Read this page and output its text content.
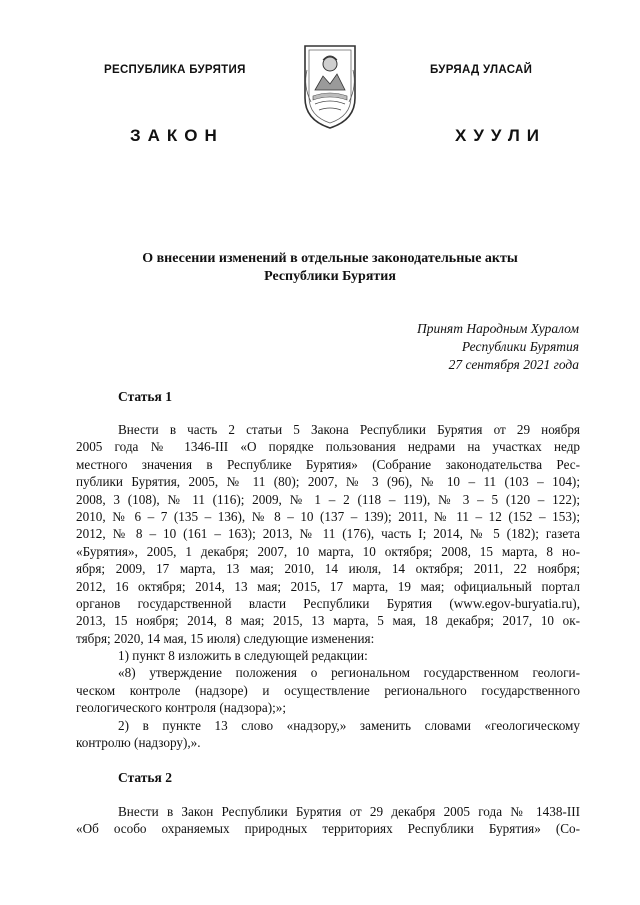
РЕСПУБЛИКА БУРЯТИЯ	БУРЯАД УЛАСАЙ
ЗАКОН	ХУУЛИ
О внесении изменений в отдельные законодательные акты
Республики Бурятия
Принят Народным Хуралом
Республики Бурятия
27 сентября 2021 года
Статья 1
Внести в часть 2 статьи 5 Закона Республики Бурятия от 29 ноября
2005 года № 1346-III «О порядке пользования недрами на участках недр
местного значения в Республике Бурятия» (Собрание законодательства Рес-
публики Бурятия, 2005, № 11 (80); 2007, № 3 (96), № 10 – 11 (103 – 104);
2008, 3 (108), № 11 (116); 2009, № 1 – 2 (118 – 119), № 3 – 5 (120 – 122);
2010, № 6 – 7 (135 – 136), № 8 – 10 (137 – 139); 2011, № 11 – 12 (152 – 153);
2012, № 8 – 10 (161 – 163); 2013, № 11 (176), часть I; 2014, № 5 (182); газета
«Бурятия», 2005, 1 декабря; 2007, 10 марта, 10 октября; 2008, 15 марта, 8 но-
ября; 2009, 17 марта, 13 мая; 2010, 14 июля, 14 октября; 2011, 22 ноября;
2012, 16 октября; 2014, 13 мая; 2015, 17 марта, 19 мая; официальный портал
органов государственной власти Республики Бурятия (www.egov-buryatia.ru),
2013, 15 ноября; 2014, 8 мая; 2015, 13 марта, 5 мая, 18 декабря; 2017, 10 ок-
тября; 2020, 14 мая, 15 июля) следующие изменения:
1) пункт 8 изложить в следующей редакции:
«8) утверждение положения о региональном государственном геологи-
ческом контроле (надзоре) и осуществление регионального государственного
геологического контроля (надзора);»;
2) в пункте 13 слово «надзору,» заменить словами «геологическому
контролю (надзору),».
Статья 2
Внести в Закон Республики Бурятия от 29 декабря 2005 года № 1438-III
«Об особо охраняемых природных территориях Республики Бурятия» (Со-
